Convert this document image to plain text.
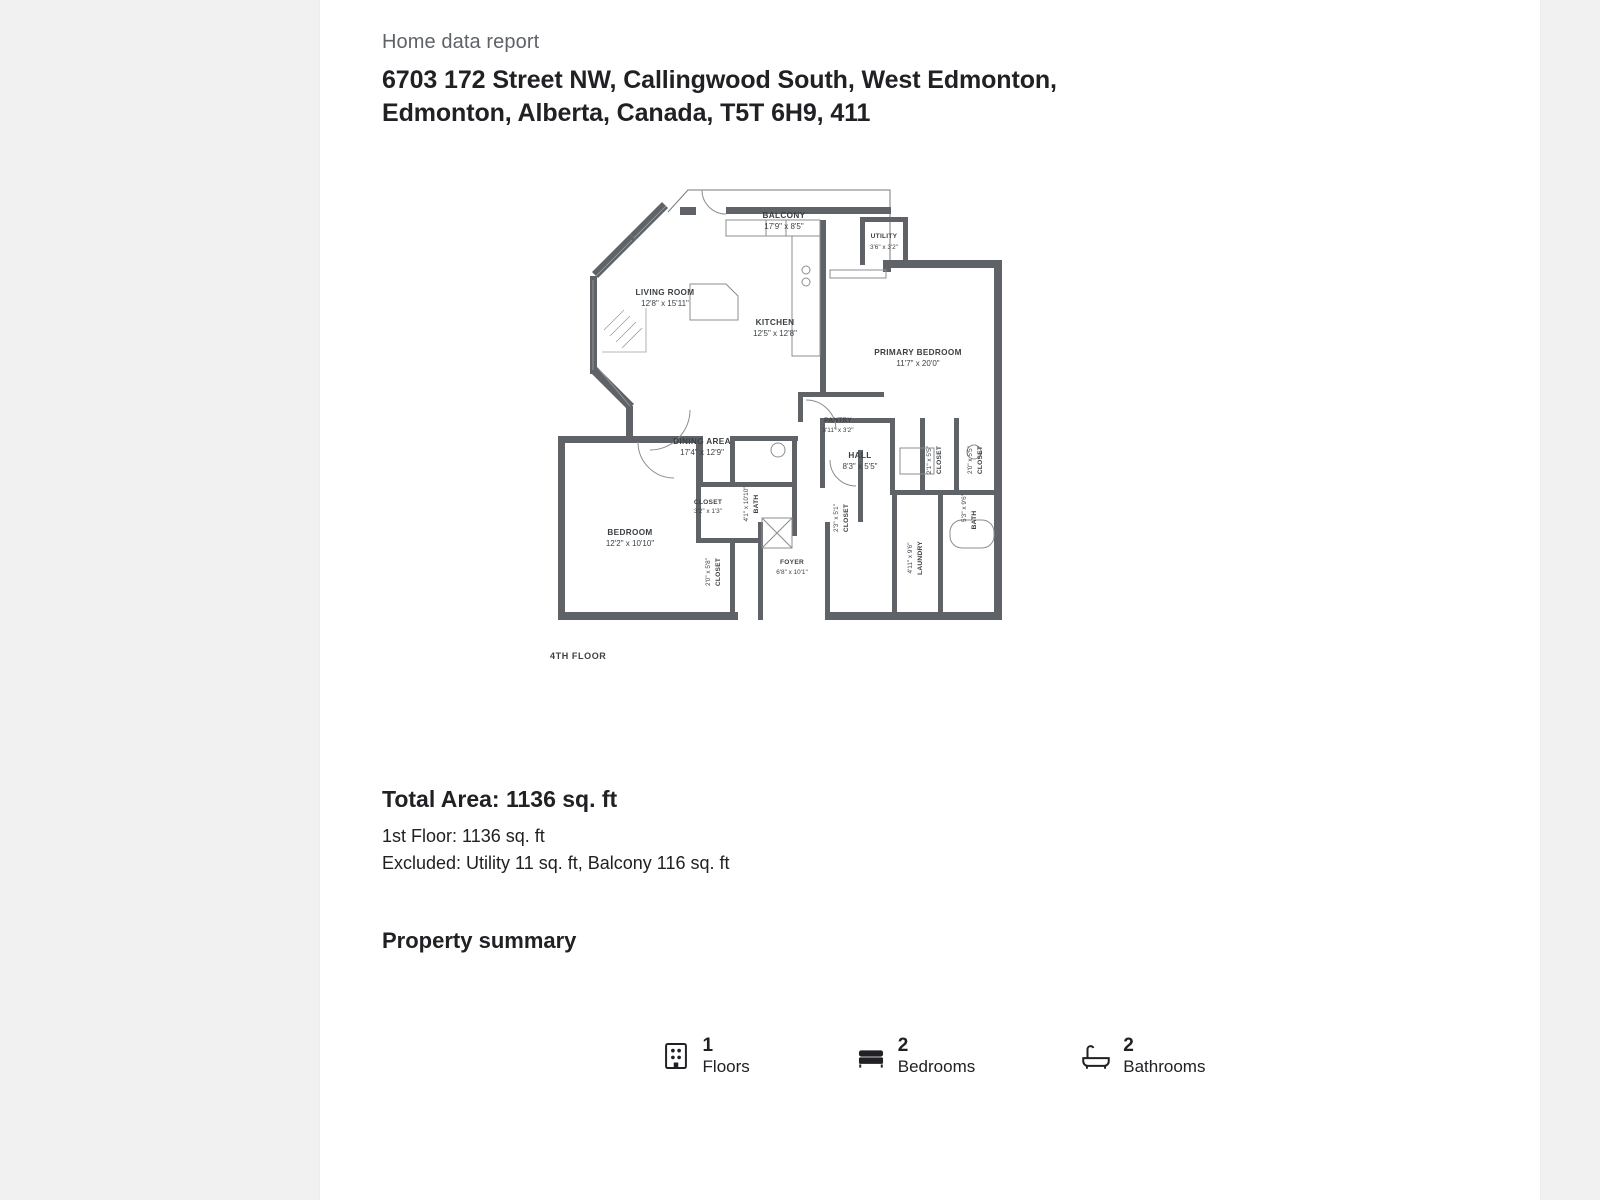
Home data report
6703 172 Street NW, Callingwood South, West Edmonton, Edmonton, Alberta, Canada, T5T 6H9, 411
BALCONY
17'9" x 8'5"
UTILITY
3'6" x 3'2"
LIVING ROOM
12'8" x 15'11"
KITCHEN
12'5" x 12'8"
PRIMARY BEDROOM
11'7" x 20'0"
PANTRY
3'11" x 3'2"
DINING AREA
17'4" x 12'9"	HALL
8'3" x 5'5"	CLOSET
2'1" x 5'5"	CLOSET
2'0" x 5'5"
CLOSET
3'2" x 1'3"	BATH
4'1" x 10'10"	CLOSET
2'3" x 5'1"	BATH
5'3" x 9'6"
BEDROOM
12'2" x 10'10"
CLOSET
2'0" x 5'8"	FOYER
6'8" x 10'1"	LAUNDRY
4'11" x 9'6"
4TH FLOOR
Total Area: 1136 sq. ft
1st Floor: 1136 sq. ft
Excluded: Utility 11 sq. ft, Balcony 116 sq. ft
Property summary
1
Floors
2
Bedrooms
2
Bathrooms
